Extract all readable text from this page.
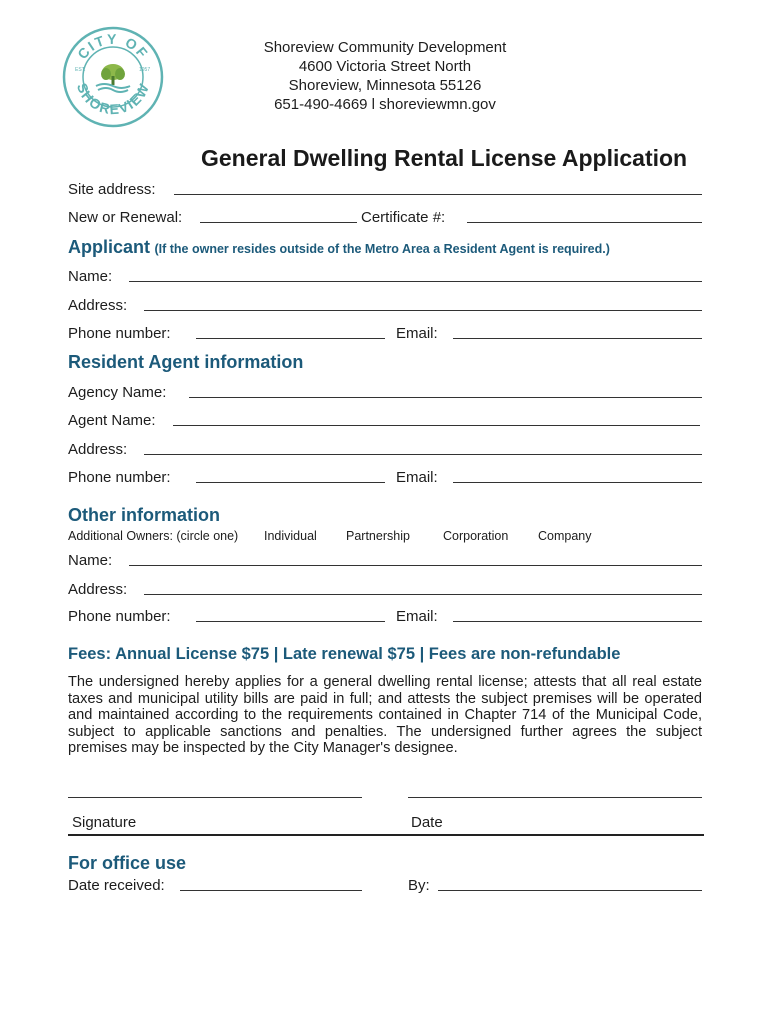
CITY OF
SHOREVIEW
EST.	1957
Shoreview Community Development
4600 Victoria Street North
Shoreview, Minnesota 55126
651-490-4669 l shoreviewmn.gov
General Dwelling Rental License Application
Site address:
New or Renewal:	Certificate #:
Applicant (If the owner resides outside of the Metro Area a Resident Agent is required.)
Name:
Address:
Phone number:	Email:
Resident Agent information
Agency Name:
Agent Name:
Address:
Phone number:	Email:
Other information
Additional Owners: (circle one) Individual Partnership	Corporation Company
Name:
Address:
Phone number:	Email:
Fees: Annual License $75 | Late renewal $75 | Fees are non-refundable
The undersigned hereby applies for a general dwelling rental license; attests that all real estate taxes and municipal utility bills are paid in full; and attests the subject premises will be operated and maintained according to the requirements contained in Chapter 714 of the Municipal Code, subject to applicable sanctions and penalties. The undersigned further agrees the subject premises may be inspected by the City Manager's designee.
Signature	Date
For office use
Date received:	By:
